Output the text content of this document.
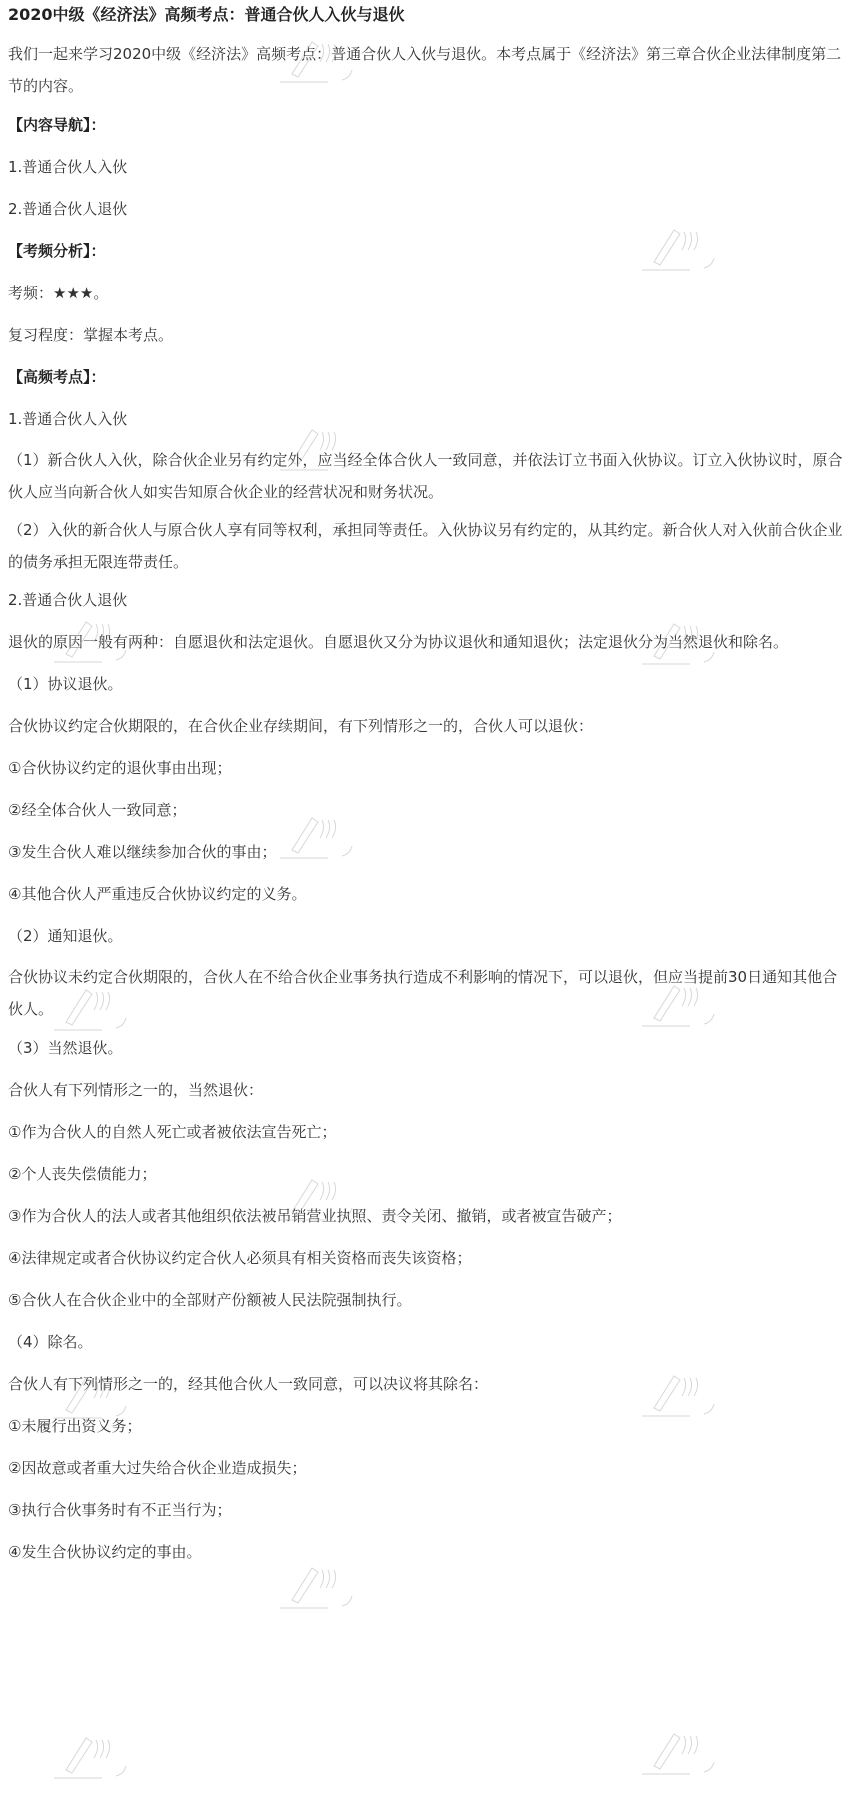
2020中级《经济法》高频考点：普通合伙人入伙与退伙
我们一起来学习2020中级《经济法》高频考点：普通合伙人入伙与退伙。本考点属于《经济法》第三章合伙企业法律制度第二节的内容。
【内容导航】：
1.普通合伙人入伙
2.普通合伙人退伙
【考频分析】：
考频：★★★。
复习程度：掌握本考点。
【高频考点】：
1.普通合伙人入伙
（1）新合伙人入伙，除合伙企业另有约定外，应当经全体合伙人一致同意，并依法订立书面入伙协议。订立入伙协议时，原合伙人应当向新合伙人如实告知原合伙企业的经营状况和财务状况。
（2）入伙的新合伙人与原合伙人享有同等权利，承担同等责任。入伙协议另有约定的，从其约定。新合伙人对入伙前合伙企业的债务承担无限连带责任。
2.普通合伙人退伙
退伙的原因一般有两种：自愿退伙和法定退伙。自愿退伙又分为协议退伙和通知退伙；法定退伙分为当然退伙和除名。
（1）协议退伙。
合伙协议约定合伙期限的，在合伙企业存续期间，有下列情形之一的，合伙人可以退伙：
①合伙协议约定的退伙事由出现；
②经全体合伙人一致同意；
③发生合伙人难以继续参加合伙的事由；
④其他合伙人严重违反合伙协议约定的义务。
（2）通知退伙。
合伙协议未约定合伙期限的，合伙人在不给合伙企业事务执行造成不利影响的情况下，可以退伙，但应当提前30日通知其他合伙人。
（3）当然退伙。
合伙人有下列情形之一的，当然退伙：
①作为合伙人的自然人死亡或者被依法宣告死亡；
②个人丧失偿债能力；
③作为合伙人的法人或者其他组织依法被吊销营业执照、责令关闭、撤销，或者被宣告破产；
④法律规定或者合伙协议约定合伙人必须具有相关资格而丧失该资格；
⑤合伙人在合伙企业中的全部财产份额被人民法院强制执行。
（4）除名。
合伙人有下列情形之一的，经其他合伙人一致同意，可以决议将其除名：
①未履行出资义务；
②因故意或者重大过失给合伙企业造成损失；
③执行合伙事务时有不正当行为；
④发生合伙协议约定的事由。
